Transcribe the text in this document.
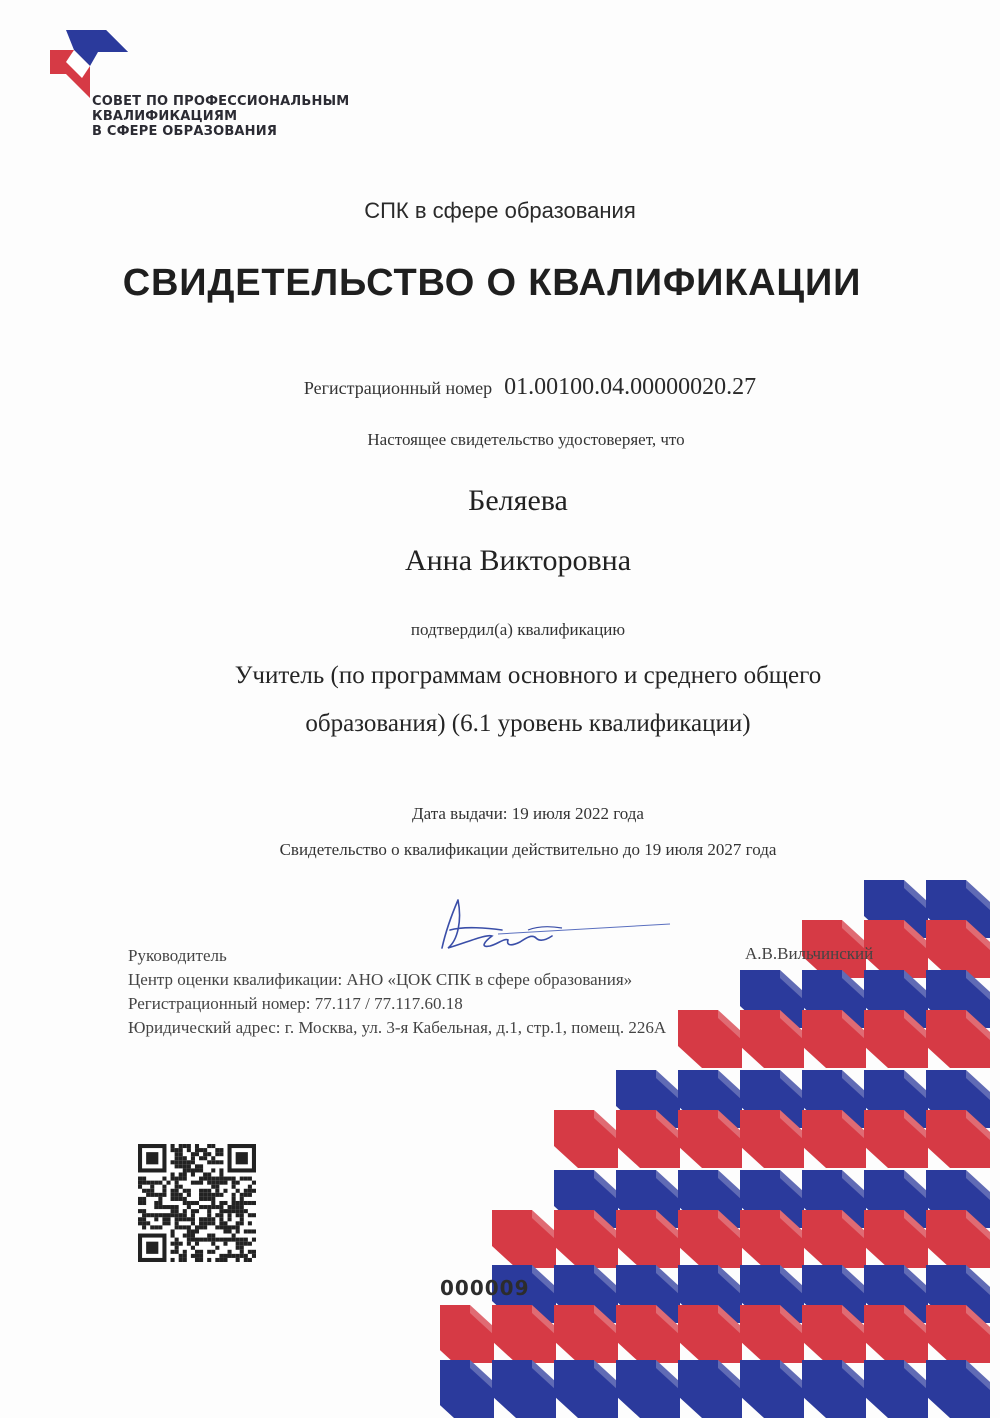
СОВЕТ ПО ПРОФЕССИОНАЛЬНЫМ
КВАЛИФИКАЦИЯМ
В СФЕРЕ ОБРАЗОВАНИЯ
СПК в сфере образования
СВИДЕТЕЛЬСТВО О КВАЛИФИКАЦИИ
Регистрационный номер 01.00100.04.00000020.27
Настоящее свидетельство удостоверяет, что
Беляева
Анна Викторовна
подтвердил(а) квалификацию
Учитель (по программам основного и среднего общего
образования) (6.1 уровень квалификации)
Дата выдачи: 19 июля 2022 года
Свидетельство о квалификации действительно до 19 июля 2027 года
Руководитель	А.В.Вильчинский
Центр оценки квалификации: АНО «ЦОК СПК в сфере образования»
Регистрационный номер: 77.117 / 77.117.60.18
Юридический адрес: г. Москва, ул. 3-я Кабельная, д.1, стр.1, помещ. 226А
000009
